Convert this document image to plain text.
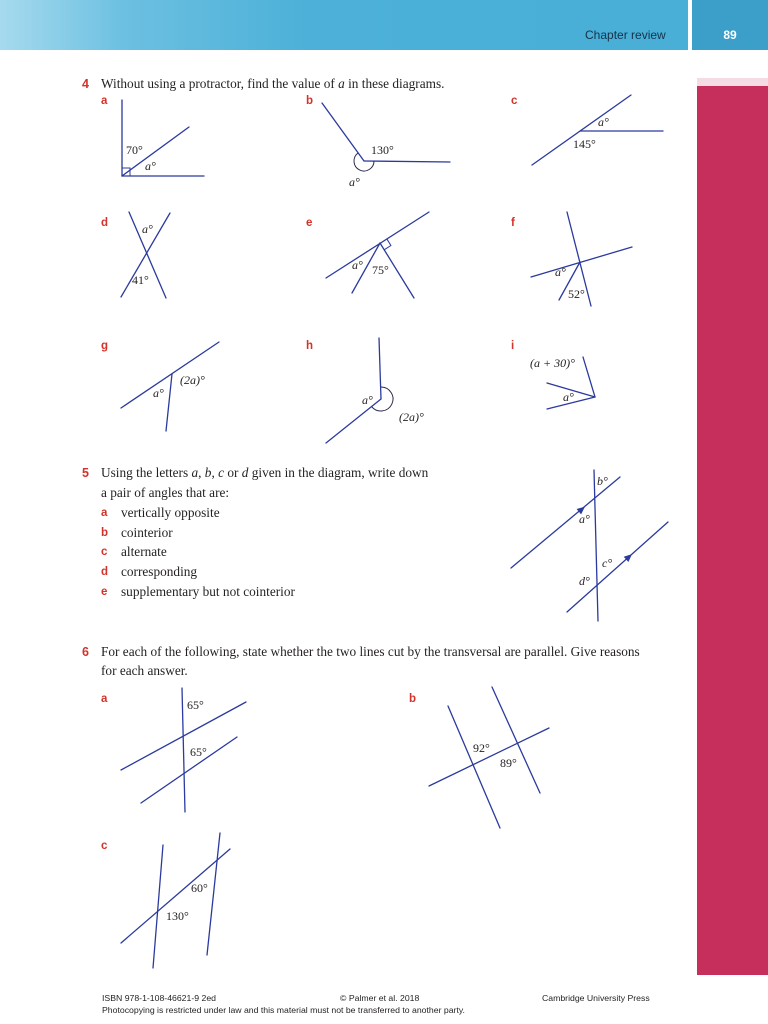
Chapter review	89
4 Without using a protractor, find the value of a in these diagrams.
a	b	c
d	e	f
g	h	i
5 Using the letters a, b, c or d given in the diagram, write down
a pair of angles that are:
a vertically opposite
b cointerior
c alternate
d corresponding
e supplementary but not cointerior
6 For each of the following, state whether the two lines cut by the transversal are parallel. Give reasons
for each answer.
a	b
c
70°
a°
130°
a°
a°
145°
a°
41°
a° 75°	a°
52°
(2a)°
a°	a°
(2a)°
(a + 30)°
a°
b°
a°
c°
d°
65°
65°	92°
89°
60°
130°
ISBN 978-1-108-46621-9 2ed	© Palmer et al. 2018	Cambridge University Press
Photocopying is restricted under law and this material must not be transferred to another party.
